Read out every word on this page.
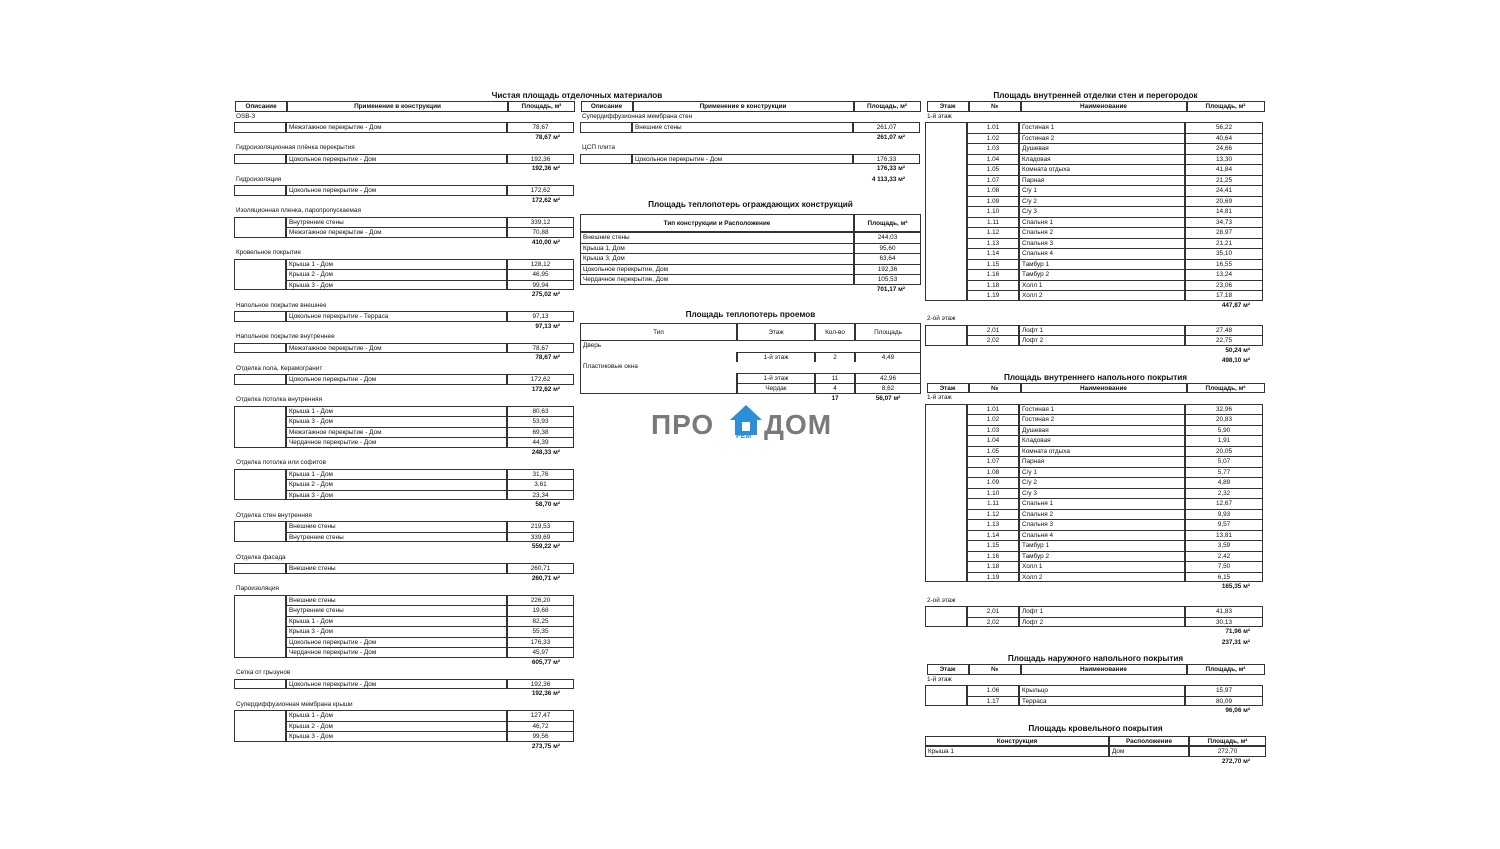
Чистая площадь отделочных материалов
Описание	Применение в конструкции	Площадь, м²
OSB-3
Межэтажное перекрытие - Дом	78,67
78,67 м²
Гидроизоляционная плёнка перекрытия
Цокольное перекрытие - Дом	192,36
192,36 м²
Гидроизоляция
Цокольное перекрытие - Дом	172,62
172,62 м²
Изоляционная пленка, паропропускаемая
Внутренние стены	339,12
Межэтажное перекрытие - Дом	70,88
410,00 м²
Кровельное покрытие
Крыша 1 - Дом	128,12
Крыша 2 - Дом	46,95
Крыша 3 - Дом	99,94
275,02 м²
Напольное покрытие внешнее
Цокольное перекрытие - Терраса	97,13
97,13 м²
Напольное покрытие внутреннее
Межэтажное перекрытие - Дом	78,67
78,67 м²
Отделка пола, Керамогранит
Цокольное перекрытие - Дом	172,62
172,62 м²
Отделка потолка внутренняя
Крыша 1 - Дом	80,63
Крыша 3 - Дом	53,93
Межэтажное перекрытие - Дом	69,38
Чердачное перекрытие - Дом	44,39
248,33 м²
Отделка потолка или софитов
Крыша 1 - Дом	31,76
Крыша 2 - Дом	3,61
Крыша 3 - Дом	23,34
58,70 м²
Отделка стен внутренняя
Внешние стены	219,53
Внутренние стены	339,69
559,22 м²
Отделка фасада
Внешние стены	260,71
260,71 м²
Пароизоляция
Внешние стены	226,20
Внутренние стены	19,68
Крыша 1 - Дом	82,25
Крыша 3 - Дом	55,35
Цокольное перекрытие - Дом	176,33
Чердачное перекрытие - Дом	45,97
605,77 м²
Сетка от грызунов
Цокольное перекрытие - Дом	192,36
192,36 м²
Супердиффузионная мембрана крыши
Крыша 1 - Дом	127,47
Крыша 2 - Дом	46,72
Крыша 3 - Дом	99,56
273,75 м²
Описание	Применение в конструкции	Площадь, м²
Супердиффузионная мембрана стен
Внешние стены	261,07
261,07 м²
ЦСП плита
Цокольное перекрытие - Дом	176,33
176,33 м²
4 113,33 м²
Площадь теплопотерь ограждающих конструкций
Тип конструкции и Расположение	Площадь, м²
Внешние стены	244,03
Крыша 1, Дом	95,60
Крыша 3, Дом	63,64
Цокольное перекрытие, Дом	192,36
Чердачное перекрытие, Дом	105,53
701,17 м²
Площадь теплопотерь проемов
Тип	Этаж	Кол-во	Площадь
Дверь
1-й этаж	2	4,49
Пластиковые окна
1-й этаж	11	42,96
Чердак	4	8,62
17	56,07 м²
ПРО	РЕМ ДОМ
Площадь внутренней отделки стен и перегородок
Этаж	№	Наименование	Площадь, м²
1-й этаж
1.01	Гостиная 1	56,22
1.02	Гостиная 2	40,64
1.03	Душевая	24,66
1.04	Кладовая	13,30
1.05	Комната отдыха	41,84
1.07	Парная	21,25
1.08	С/у 1	24,41
1.09	С/у 2	20,69
1.10	С/у 3	14,81
1.11	Спальня 1	34,73
1.12	Спальня 2	28,97
1.13	Спальня 3	21,21
1.14	Спальня 4	35,10
1.15	Тамбур 1	16,55
1.16	Тамбур 2	13,24
1.18	Холл 1	23,06
1.19	Холл 2	17,18
447,87 м²
2-ой этаж
2,01	Лофт 1	27,48
2,02	Лофт 2	22,75
50,24 м²
498,10 м²
Площадь внутреннего напольного покрытия
Этаж	№	Наименование	Площадь, м²
1-й этаж
1.01	Гостиная 1	32,96
1.02	Гостиная 2	20,83
1.03	Душевая	5,90
1.04	Кладовая	1,91
1.05	Комната отдыха	20,05
1.07	Парная	5,07
1.08	С/у 1	5,77
1.09	С/у 2	4,89
1.10	С/у 3	2,32
1.11	Спальня 1	12,67
1.12	Спальня 2	9,93
1.13	Спальня 3	9,57
1.14	Спальня 4	13,81
1.15	Тамбур 1	3,59
1.16	Тамбур 2	2,42
1.18	Холл 1	7,50
1.19	Холл 2	6,15
165,35 м²
2-ой этаж
2,01	Лофт 1	41,83
2,02	Лофт 2	30,13
71,96 м²
237,31 м²
Площадь наружного напольного покрытия
Этаж	№	Наименование	Площадь, м²
1-й этаж
1.06	Крыльцо	15,97
1.17	Терраса	80,09
96,06 м²
Площадь кровельного покрытия
Конструкция	Расположение	Площадь, м²
Крыша 1	Дом	272,70
272,70 м²
